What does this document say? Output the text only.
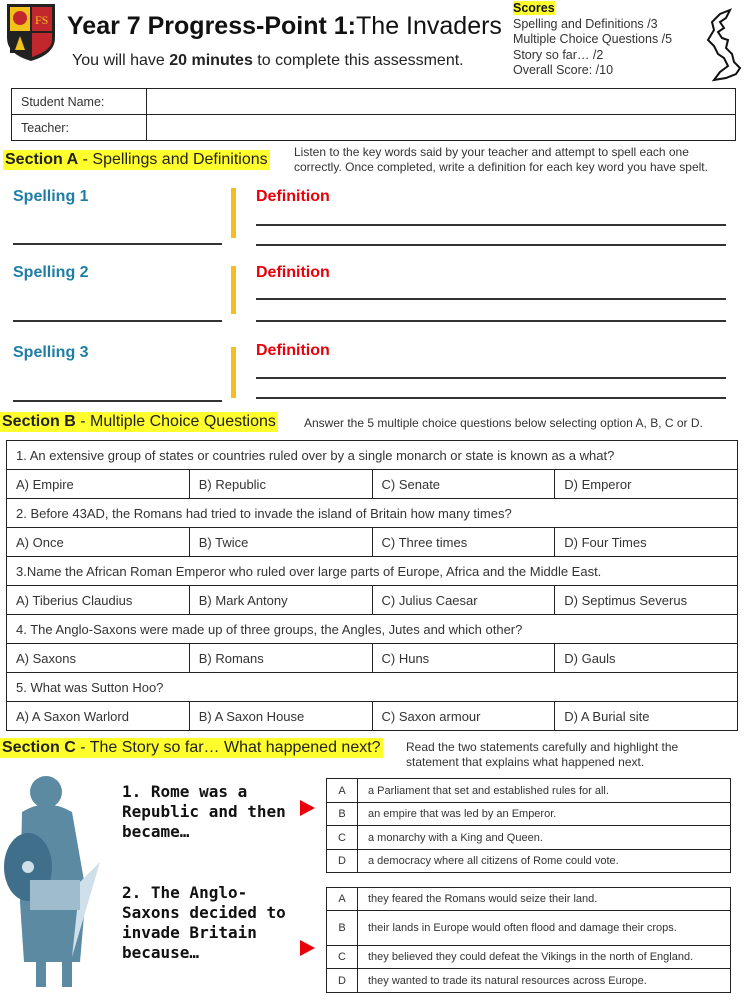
FS Year 7 Progress-Point 1:The Invaders
You will have 20 minutes to complete this assessment.
Scores
Spelling and Definitions /3
Multiple Choice Questions /5
Story so far… /2
Overall Score: /10
Student Name:	
Teacher:	
Section A - Spellings and Definitions Listen to the key words said by your teacher and attempt to spell each one correctly. Once completed, write a definition for each key word you have spelt.
Spelling 1	Definition
Spelling 2	Definition
Spelling 3	Definition
Section B - Multiple Choice Questions Answer the 5 multiple choice questions below selecting option A, B, C or D.
1. An extensive group of states or countries ruled over by a single monarch or state is known as a what?			
A) Empire	B) Republic	C) Senate	D) Emperor
2. Before 43AD, the Romans had tried to invade the island of Britain how many times?			
A) Once	B) Twice	C) Three times	D) Four Times
3.Name the African Roman Emperor who ruled over large parts of Europe, Africa and the Middle East.			
A) Tiberius Claudius	B) Mark Antony	C) Julius Caesar	D) Septimus Severus
4. The Anglo-Saxons were made up of three groups, the Angles, Jutes and which other?			
A) Saxons	B) Romans	C) Huns	D) Gauls
5. What was Sutton Hoo?			
A) A Saxon Warlord	B) A Saxon House	C) Saxon armour	D) A Burial site
Section C - The Story so far… What happened next? Read the two statements carefully and highlight the statement that explains what happened next.
1. Rome was a Republic and then became…
A	a Parliament that set and established rules for all.
B	an empire that was led by an Emperor.
C	a monarchy with a King and Queen.
D	a democracy where all citizens of Rome could vote.
2. The Anglo-Saxons decided to invade Britain because…
A	they feared the Romans would seize their land.
B	their lands in Europe would often flood and damage their crops.
C	they believed they could defeat the Vikings in the north of England.
D	they wanted to trade its natural resources across Europe.
